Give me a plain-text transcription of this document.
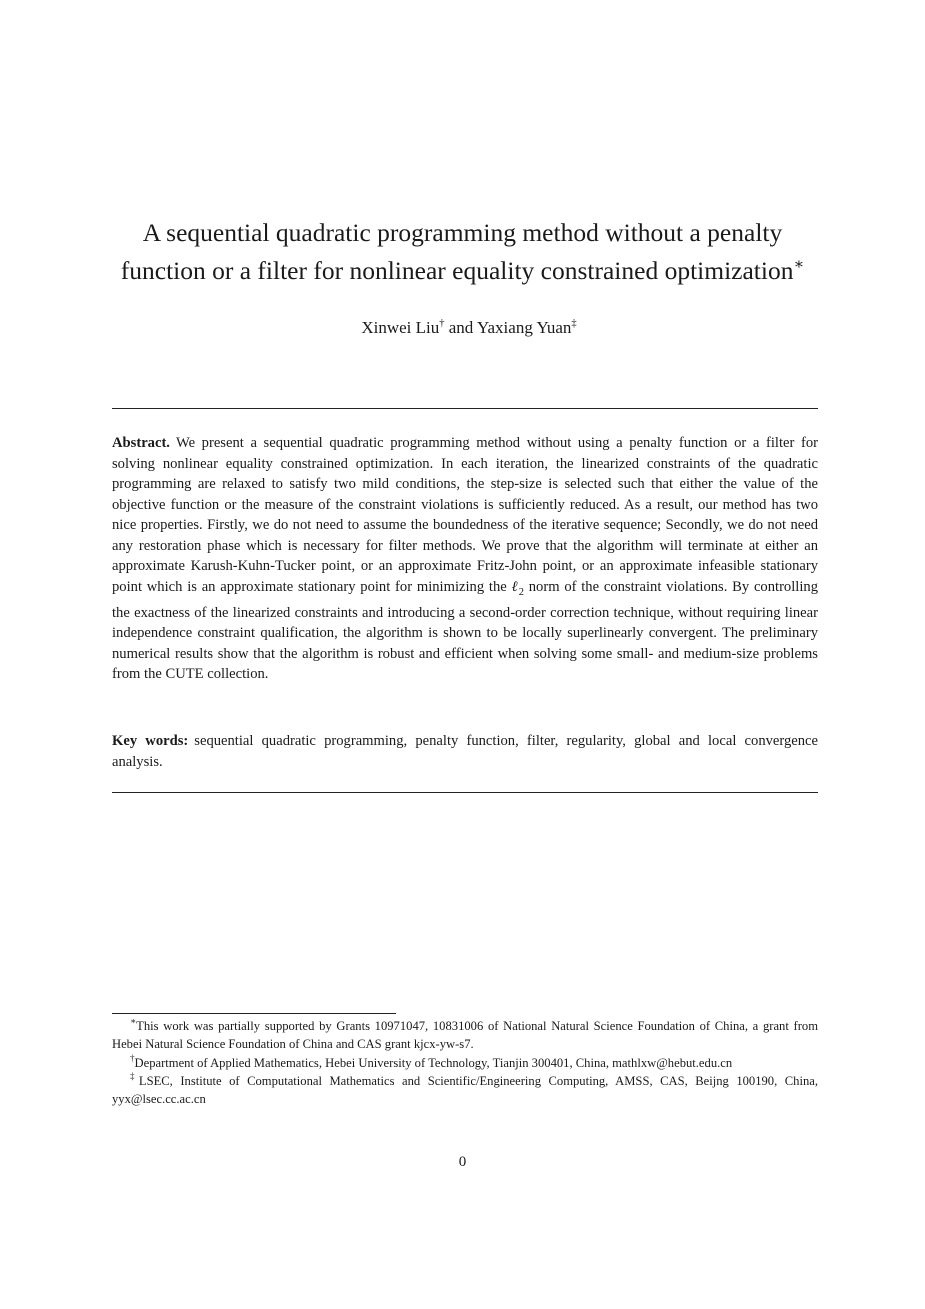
A sequential quadratic programming method without a penalty
function or a filter for nonlinear equality constrained optimization∗
Xinwei Liu† and Yaxiang Yuan‡

Abstract. We present a sequential quadratic programming method without using a penalty function or a filter for solving nonlinear equality constrained optimization. In each iteration, the linearized constraints of the quadratic programming are relaxed to satisfy two mild conditions, the step-size is selected such that either the value of the objective function or the measure of the constraint violations is sufficiently reduced. As a result, our method has two nice properties. Firstly, we do not need to assume the boundedness of the iterative sequence; Secondly, we do not need any restoration phase which is necessary for filter methods. We prove that the algorithm will terminate at either an approximate Karush-Kuhn-Tucker point, or an approximate Fritz-John point, or an approximate infeasible stationary point which is an approximate stationary point for minimizing the ℓ$_2$ norm of the constraint violations. By controlling the exactness of the linearized constraints and introducing a second-order correction technique, without requiring linear independence constraint qualification, the algorithm is shown to be locally superlinearly convergent. The preliminary numerical results show that the algorithm is robust and efficient when solving some small- and medium-size problems from the CUTE collection.

Key words: sequential quadratic programming, penalty function, filter, regularity, global and local convergence analysis.

∗This work was partially supported by Grants 10971047, 10831006 of National Natural Science Foundation of China, a grant from Hebei Natural Science Foundation of China and CAS grant kjcx-yw-s7.

†Department of Applied Mathematics, Hebei University of Technology, Tianjin 300401, China, mathlxw@hebut.edu.cn

‡LSEC, Institute of Computational Mathematics and Scientific/Engineering Computing, AMSS, CAS, Beijng 100190, China, yyx@lsec.cc.ac.cn

0
